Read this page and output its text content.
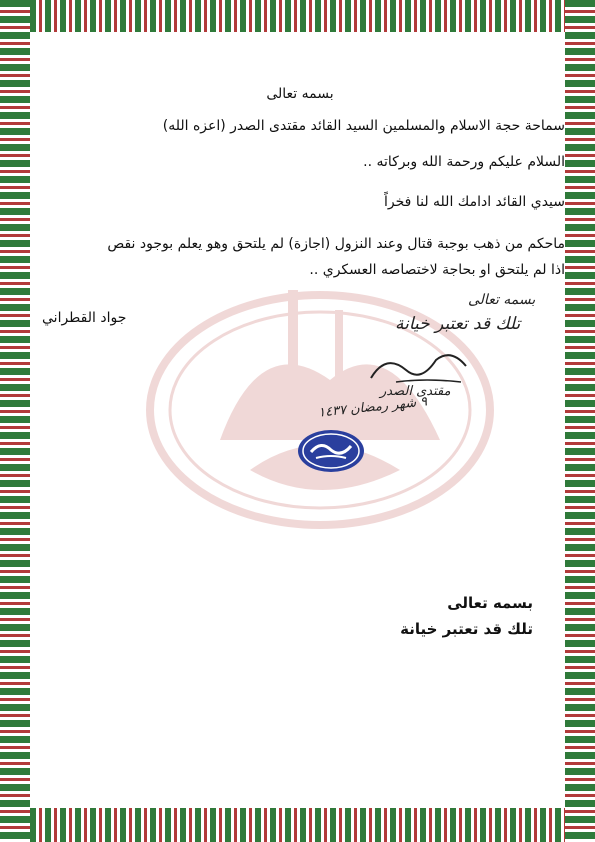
بسمه تعالى
سماحة حجة الاسلام والمسلمين السيد القائد مقتدى الصدر (اعزه الله)
السلام عليكم ورحمة الله وبركاته ..
سيدي القائد ادامك الله لنا فخراً
ماحكم من ذهب بوجبة قتال وعند النزول (اجازة) لم يلتحق وهو يعلم بوجود نقص
اذا لم يلتحق او بحاجة لاختصاصه العسكري ..
جواد القطراني
بسمه تعالى
تلك قد تعتبر خيانة
مقتدى الصدر
٩ شهر رمضان ١٤٣٧
بسمه تعالى
تلك قد تعتبر خيانة
